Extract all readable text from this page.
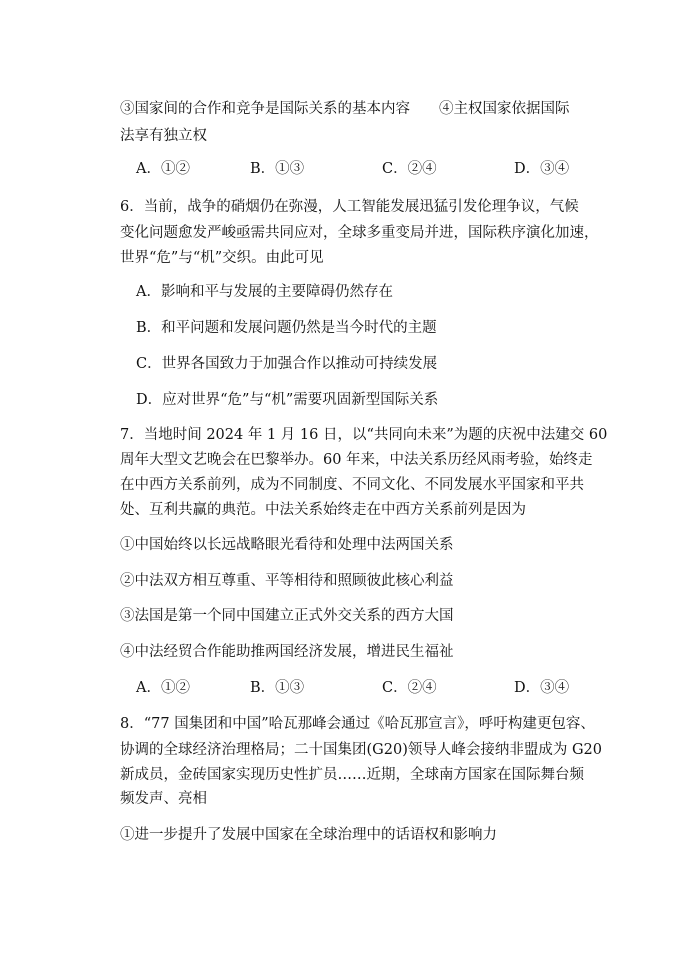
③国家间的合作和竞争是国际关系的基本内容　　④主权国家依据国际
法享有独立权
A．①②	B．①③	C．②④	D．③④
6．当前，战争的硝烟仍在弥漫，人工智能发展迅猛引发伦理争议，气候
变化问题愈发严峻亟需共同应对，全球多重变局并进，国际秩序演化加速，
世界“危”与“机”交织。由此可见
A．影响和平与发展的主要障碍仍然存在
B．和平问题和发展问题仍然是当今时代的主题
C．世界各国致力于加强合作以推动可持续发展
D．应对世界“危”与“机”需要巩固新型国际关系
7．当地时间 2024 年 1 月 16 日，以“共同向未来”为题的庆祝中法建交 60
周年大型文艺晚会在巴黎举办。60 年来，中法关系历经风雨考验，始终走
在中西方关系前列，成为不同制度、不同文化、不同发展水平国家和平共
处、互利共赢的典范。中法关系始终走在中西方关系前列是因为
①中国始终以长远战略眼光看待和处理中法两国关系
②中法双方相互尊重、平等相待和照顾彼此核心利益
③法国是第一个同中国建立正式外交关系的西方大国
④中法经贸合作能助推两国经济发展，增进民生福祉
A．①②	B．①③	C．②④	D．③④
8．“77 国集团和中国”哈瓦那峰会通过《哈瓦那宣言》，呼吁构建更包容、
协调的全球经济治理格局；二十国集团(G20)领导人峰会接纳非盟成为 G20
新成员，金砖国家实现历史性扩员……近期，全球南方国家在国际舞台频
频发声、亮相
①进一步提升了发展中国家在全球治理中的话语权和影响力
